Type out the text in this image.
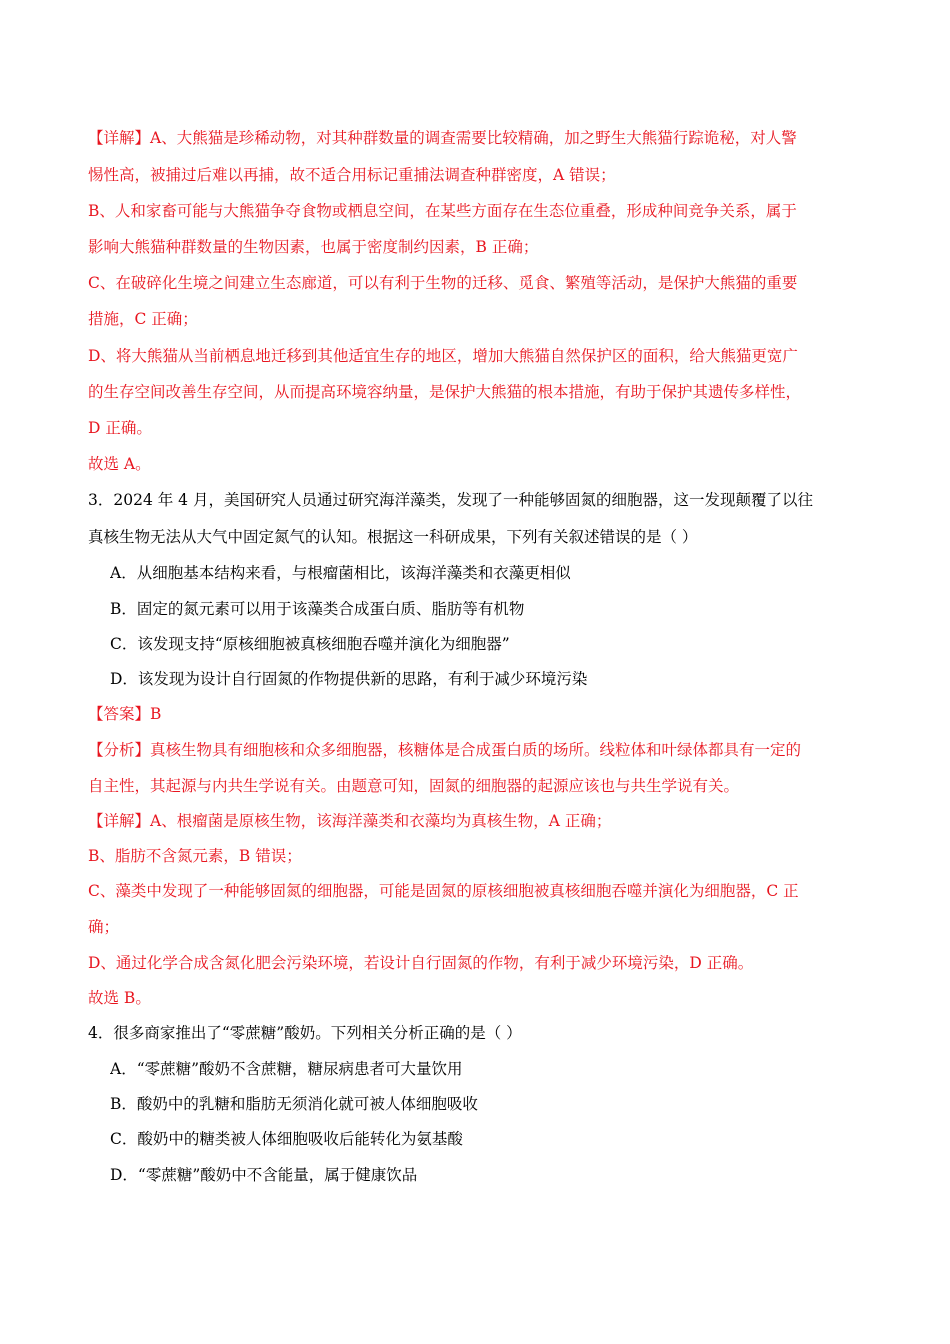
【详解】A、大熊猫是珍稀动物，对其种群数量的调查需要比较精确，加之野生大熊猫行踪诡秘，对人警
惕性高，被捕过后难以再捕，故不适合用标记重捕法调查种群密度，A 错误；
B、人和家畜可能与大熊猫争夺食物或栖息空间，在某些方面存在生态位重叠，形成种间竞争关系，属于
影响大熊猫种群数量的生物因素，也属于密度制约因素，B 正确；
C、在破碎化生境之间建立生态廊道，可以有利于生物的迁移、觅食、繁殖等活动，是保护大熊猫的重要
措施，C 正确；
D、将大熊猫从当前栖息地迁移到其他适宜生存的地区，增加大熊猫自然保护区的面积，给大熊猫更宽广
的生存空间改善生存空间，从而提高环境容纳量，是保护大熊猫的根本措施，有助于保护其遗传多样性，
D 正确。
故选 A。
3．2024 年 4 月，美国研究人员通过研究海洋藻类，发现了一种能够固氮的细胞器，这一发现颠覆了以往
真核生物无法从大气中固定氮气的认知。根据这一科研成果，下列有关叙述错误的是（ ）
A．从细胞基本结构来看，与根瘤菌相比，该海洋藻类和衣藻更相似
B．固定的氮元素可以用于该藻类合成蛋白质、脂肪等有机物
C．该发现支持“原核细胞被真核细胞吞噬并演化为细胞器”
D．该发现为设计自行固氮的作物提供新的思路，有利于减少环境污染
【答案】B
【分析】真核生物具有细胞核和众多细胞器，核糖体是合成蛋白质的场所。线粒体和叶绿体都具有一定的
自主性，其起源与内共生学说有关。由题意可知，固氮的细胞器的起源应该也与共生学说有关。
【详解】A、根瘤菌是原核生物，该海洋藻类和衣藻均为真核生物，A 正确；
B、脂肪不含氮元素，B 错误；
C、藻类中发现了一种能够固氮的细胞器，可能是固氮的原核细胞被真核细胞吞噬并演化为细胞器，C 正
确；
D、通过化学合成含氮化肥会污染环境，若设计自行固氮的作物，有利于减少环境污染，D 正确。
故选 B。
4．很多商家推出了“零蔗糖”酸奶。下列相关分析正确的是（ ）
A．“零蔗糖”酸奶不含蔗糖，糖尿病患者可大量饮用
B．酸奶中的乳糖和脂肪无须消化就可被人体细胞吸收
C．酸奶中的糖类被人体细胞吸收后能转化为氨基酸
D．“零蔗糖”酸奶中不含能量，属于健康饮品
